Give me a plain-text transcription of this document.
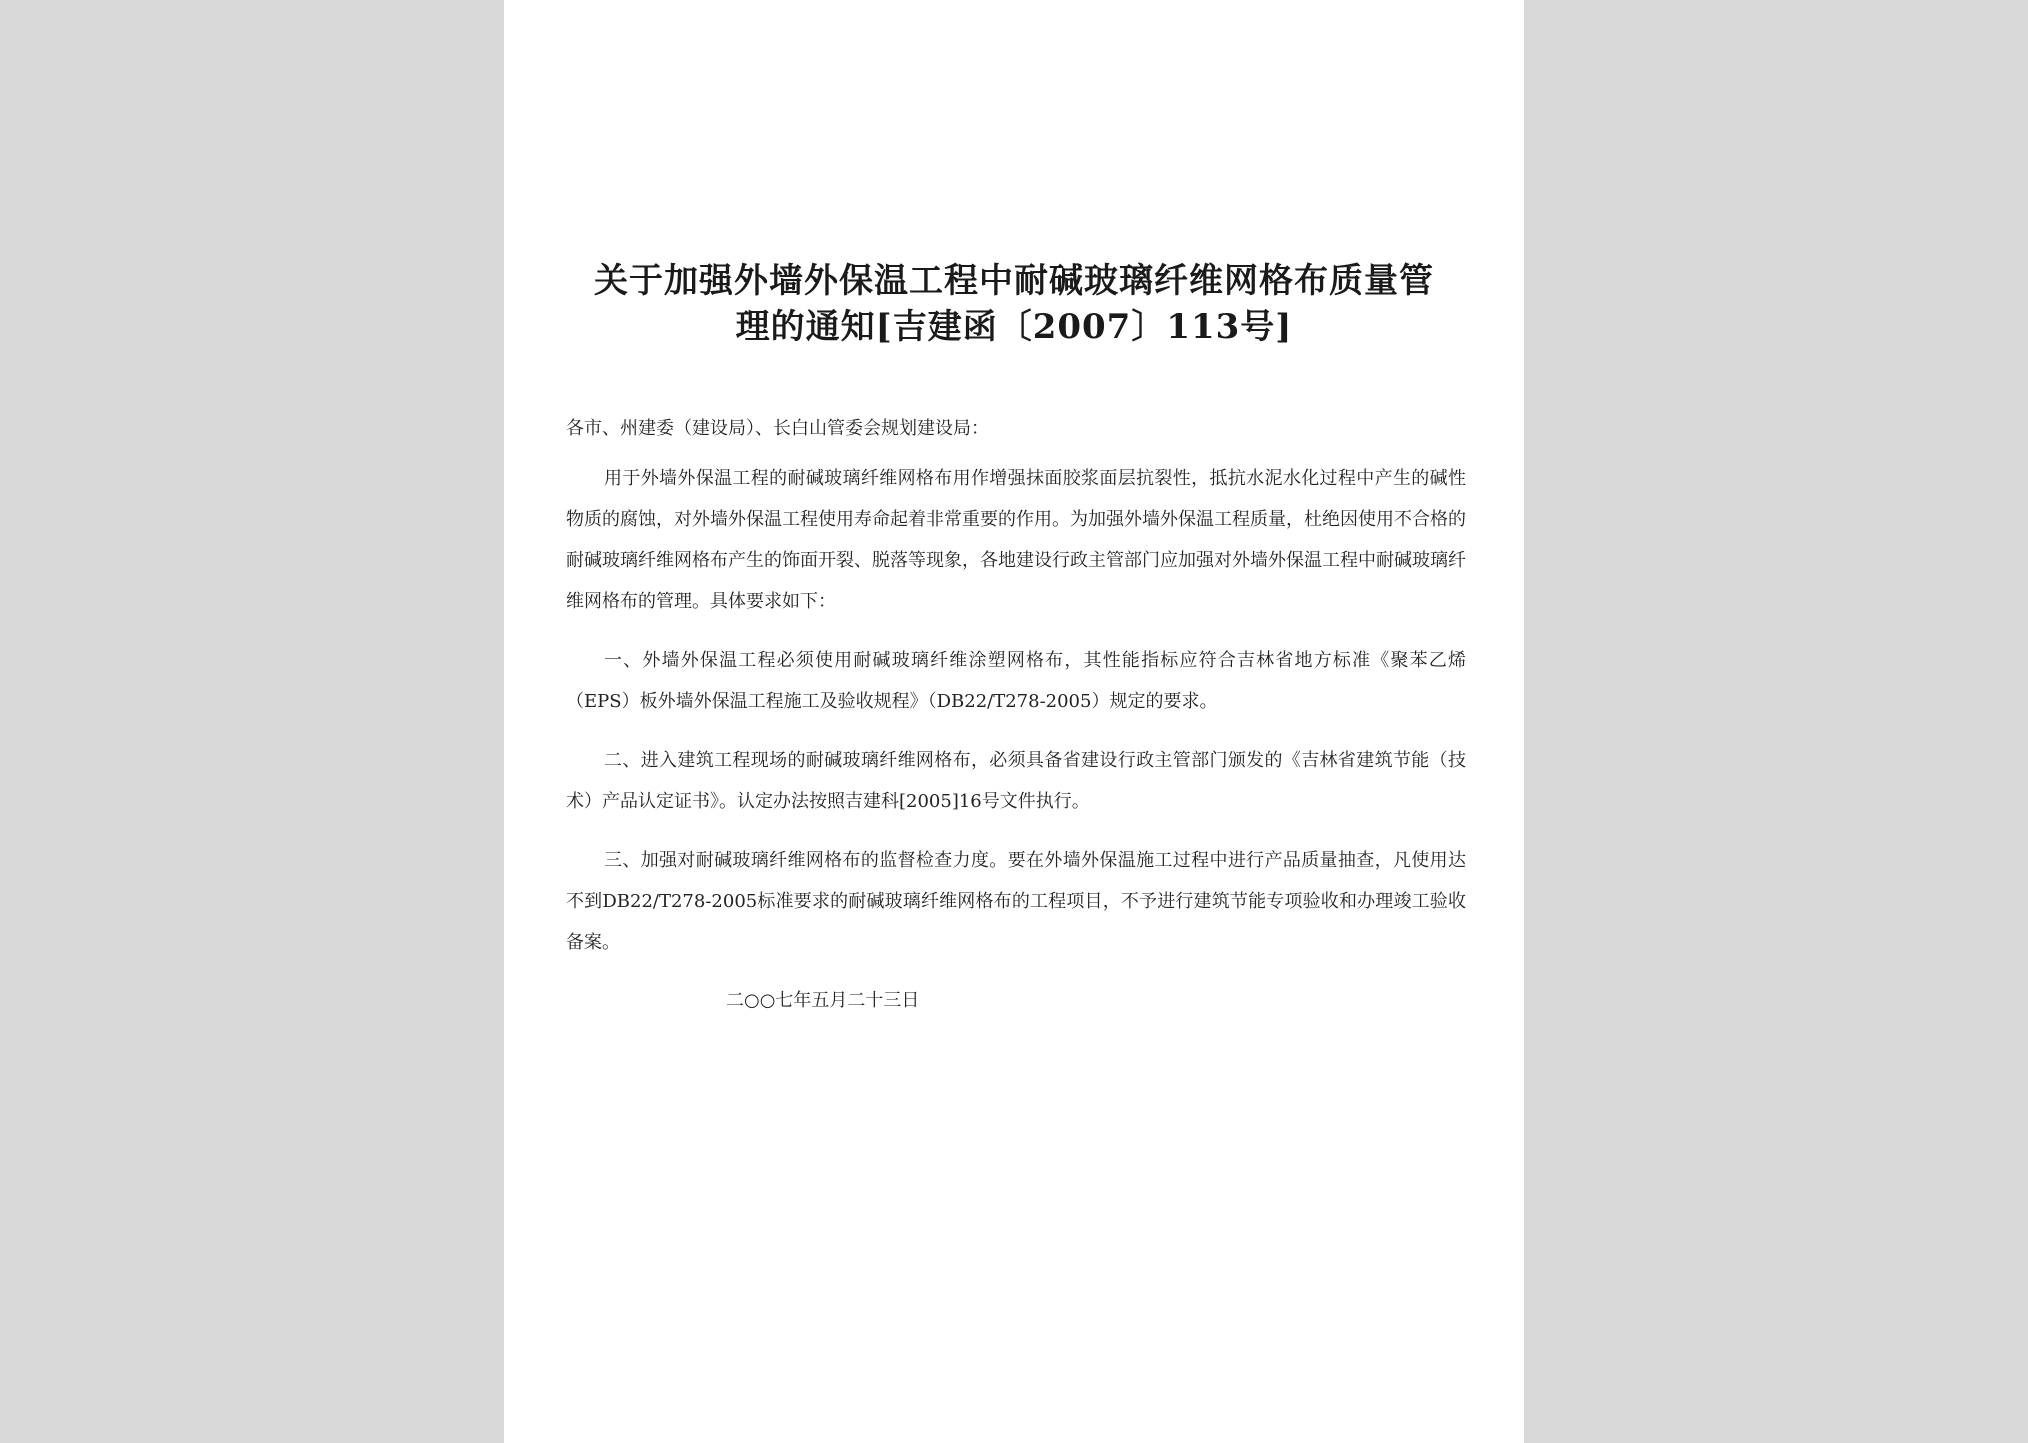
关于加强外墙外保温工程中耐碱玻璃纤维网格布质量管
理的通知[吉建函〔2007〕113号]

各市、州建委（建设局）、长白山管委会规划建设局：

用于外墙外保温工程的耐碱玻璃纤维网格布用作增强抹面胶浆面层抗裂性，抵抗水泥水化过程中产生的碱性物质的腐蚀，对外墙外保温工程使用寿命起着非常重要的作用。为加强外墙外保温工程质量，杜绝因使用不合格的耐碱玻璃纤维网格布产生的饰面开裂、脱落等现象，各地建设行政主管部门应加强对外墙外保温工程中耐碱玻璃纤维网格布的管理。具体要求如下：

一、外墙外保温工程必须使用耐碱玻璃纤维涂塑网格布，其性能指标应符合吉林省地方标准《聚苯乙烯（EPS）板外墙外保温工程施工及验收规程》（DB22/T278-2005）规定的要求。

二、进入建筑工程现场的耐碱玻璃纤维网格布，必须具备省建设行政主管部门颁发的《吉林省建筑节能（技术）产品认定证书》。认定办法按照吉建科[2005]16号文件执行。

三、加强对耐碱玻璃纤维网格布的监督检查力度。要在外墙外保温施工过程中进行产品质量抽查，凡使用达不到DB22/T278-2005标准要求的耐碱玻璃纤维网格布的工程项目，不予进行建筑节能专项验收和办理竣工验收备案。

二○○七年五月二十三日
